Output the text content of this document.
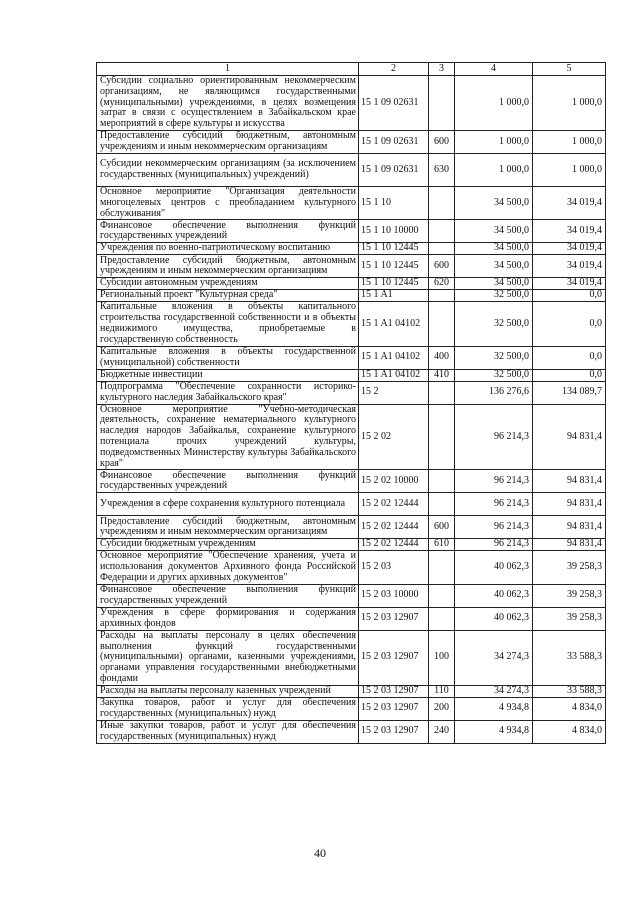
1	2	3	4	5
Субсидии социально ориентированным некоммерческим организациям, не являющимся государственными (муниципальными) учреждениями, в целях возмещения затрат в связи с осуществлением в Забайкальском крае мероприятий в сфере культуры и искусства	15 1 09 02631		1 000,0	1 000,0
Предоставление субсидий бюджетным, автономным учреждениям и иным некоммерческим организациям	15 1 09 02631	600	1 000,0	1 000,0
Субсидии некоммерческим организациям (за исключением государственных (муниципальных) учреждений)	15 1 09 02631	630	1 000,0	1 000,0
Основное мероприятие "Организация деятельности многоцелевых центров с преобладанием культурного обслуживания"	15 1 10		34 500,0	34 019,4
Финансовое обеспечение выполнения функций государственных учреждений	15 1 10 10000		34 500,0	34 019,4
Учреждения по военно-патриотическому воспитанию	15 1 10 12445		34 500,0	34 019,4
Предоставление субсидий бюджетным, автономным учреждениям и иным некоммерческим организациям	15 1 10 12445	600	34 500,0	34 019,4
Субсидии автономным учреждениям	15 1 10 12445	620	34 500,0	34 019,4
Региональный проект "Культурная среда"	15 1 A1		32 500,0	0,0
Капитальные вложения в объекты капитального строительства государственной собственности и в объекты недвижимого имущества, приобретаемые в государственную собственность	15 1 A1 04102		32 500,0	0,0
Капитальные вложения в объекты государственной (муниципальной) собственности	15 1 A1 04102	400	32 500,0	0,0
Бюджетные инвестиции	15 1 A1 04102	410	32 500,0	0,0
Подпрограмма "Обеспечение сохранности историко-культурного наследия Забайкальского края"	15 2		136 276,6	134 089,7
Основное мероприятие "Учебно-методическая деятельность, сохранение нематериального культурного наследия народов Забайкалья, сохранение культурного потенциала прочих учреждений культуры, подведомственных Министерству культуры Забайкальского края"	15 2 02		96 214,3	94 831,4
Финансовое обеспечение выполнения функций государственных учреждений	15 2 02 10000		96 214,3	94 831,4
Учреждения в сфере сохранения культурного потенциала	15 2 02 12444		96 214,3	94 831,4
Предоставление субсидий бюджетным, автономным учреждениям и иным некоммерческим организациям	15 2 02 12444	600	96 214,3	94 831,4
Субсидии бюджетным учреждениям	15 2 02 12444	610	96 214,3	94 831,4
Основное мероприятие "Обеспечение хранения, учета и использования документов Архивного фонда Российской Федерации и других архивных документов"	15 2 03		40 062,3	39 258,3
Финансовое обеспечение выполнения функций государственных учреждений	15 2 03 10000		40 062,3	39 258,3
Учреждения в сфере формирования и содержания архивных фондов	15 2 03 12907		40 062,3	39 258,3
Расходы на выплаты персоналу в целях обеспечения выполнения функций государственными (муниципальными) органами, казенными учреждениями, органами управления государственными внебюджетными фондами	15 2 03 12907	100	34 274,3	33 588,3
Расходы на выплаты персоналу казенных учреждений	15 2 03 12907	110	34 274,3	33 588,3
Закупка товаров, работ и услуг для обеспечения государственных (муниципальных) нужд	15 2 03 12907	200	4 934,8	4 834,0
Иные закупки товаров, работ и услуг для обеспечения государственных (муниципальных) нужд	15 2 03 12907	240	4 934,8	4 834,0
40
